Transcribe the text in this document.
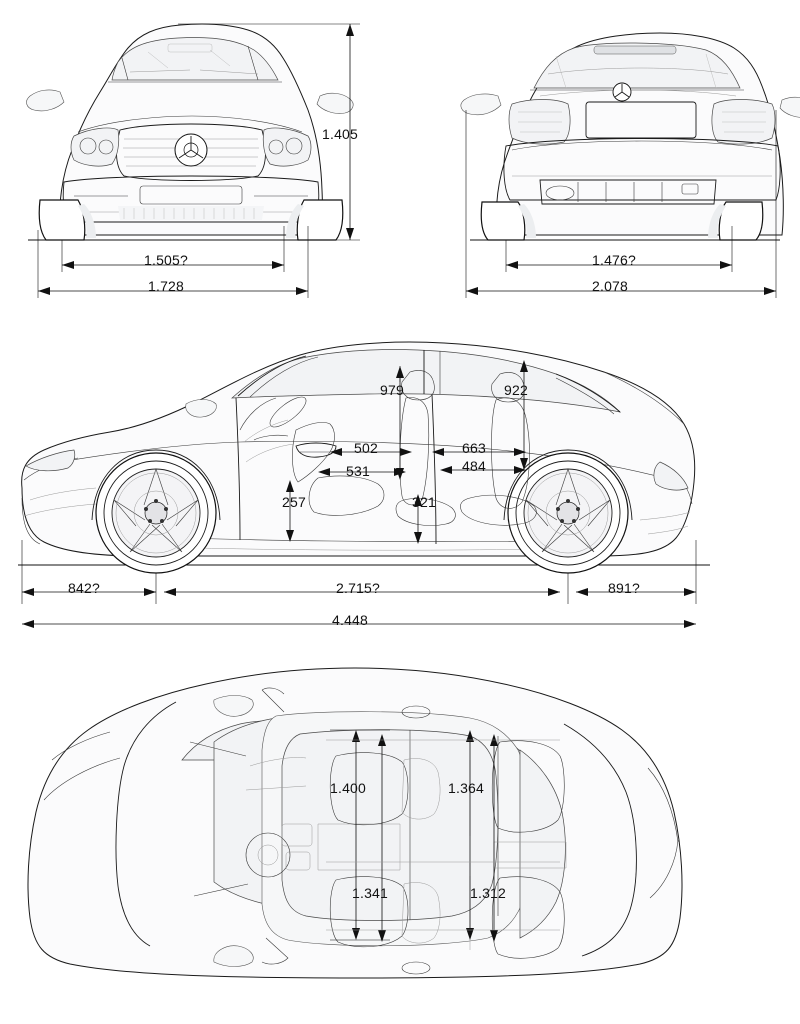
1.405
1.505?
1.728
1.476?
2.078
979	922
502
531
663
484
257	321
842?	2.715?	891?
4.448
1.400	1.364
1.341	1.312
